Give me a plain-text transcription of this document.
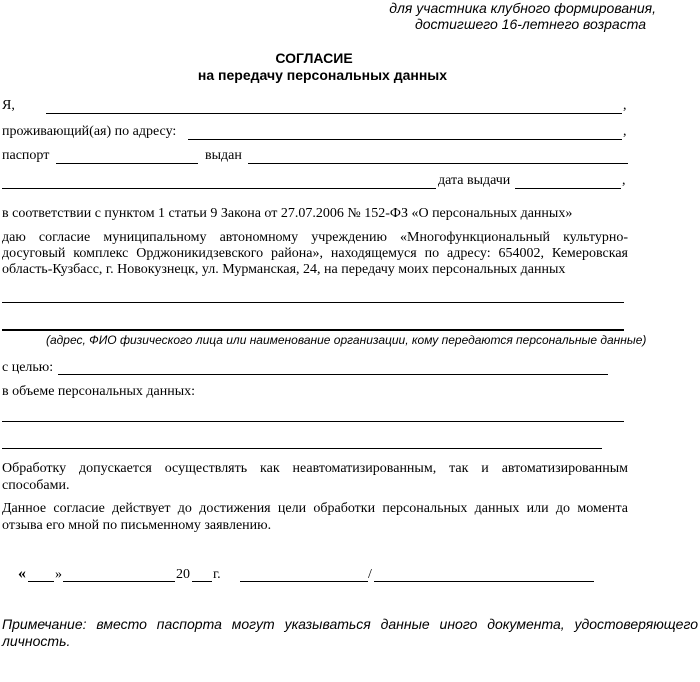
для участника клубного формирования,
достигшего 16-летнего возраста
СОГЛАСИЕ
на передачу персональных данных
Я,	,
проживающий(ая) по адресу:	,
паспорт	выдан
дата выдачи	,
в соответствии с пунктом 1 статьи 9 Закона от 27.07.2006 № 152-ФЗ «О персональных данных»
даю согласие муниципальному автономному учреждению «Многофункциональный культурно-
досуговый комплекс Орджоникидзевского района», находящемуся по адресу: 654002, Кемеровская
область-Кузбасс, г. Новокузнецк, ул. Мурманская, 24, на передачу моих персональных данных
(адрес, ФИО физического лица или наименование организации, кому передаются персональные данные)
с целью:
в объеме персональных данных:
Обработку допускается осуществлять как неавтоматизированным, так и автоматизированным
способами.
Данное согласие действует до достижения цели обработки персональных данных или до момента
отзыва его мной по письменному заявлению.
« »	20 г.	/
Примечание: вместо паспорта могут указываться данные иного документа, удостоверяющего
личность.
